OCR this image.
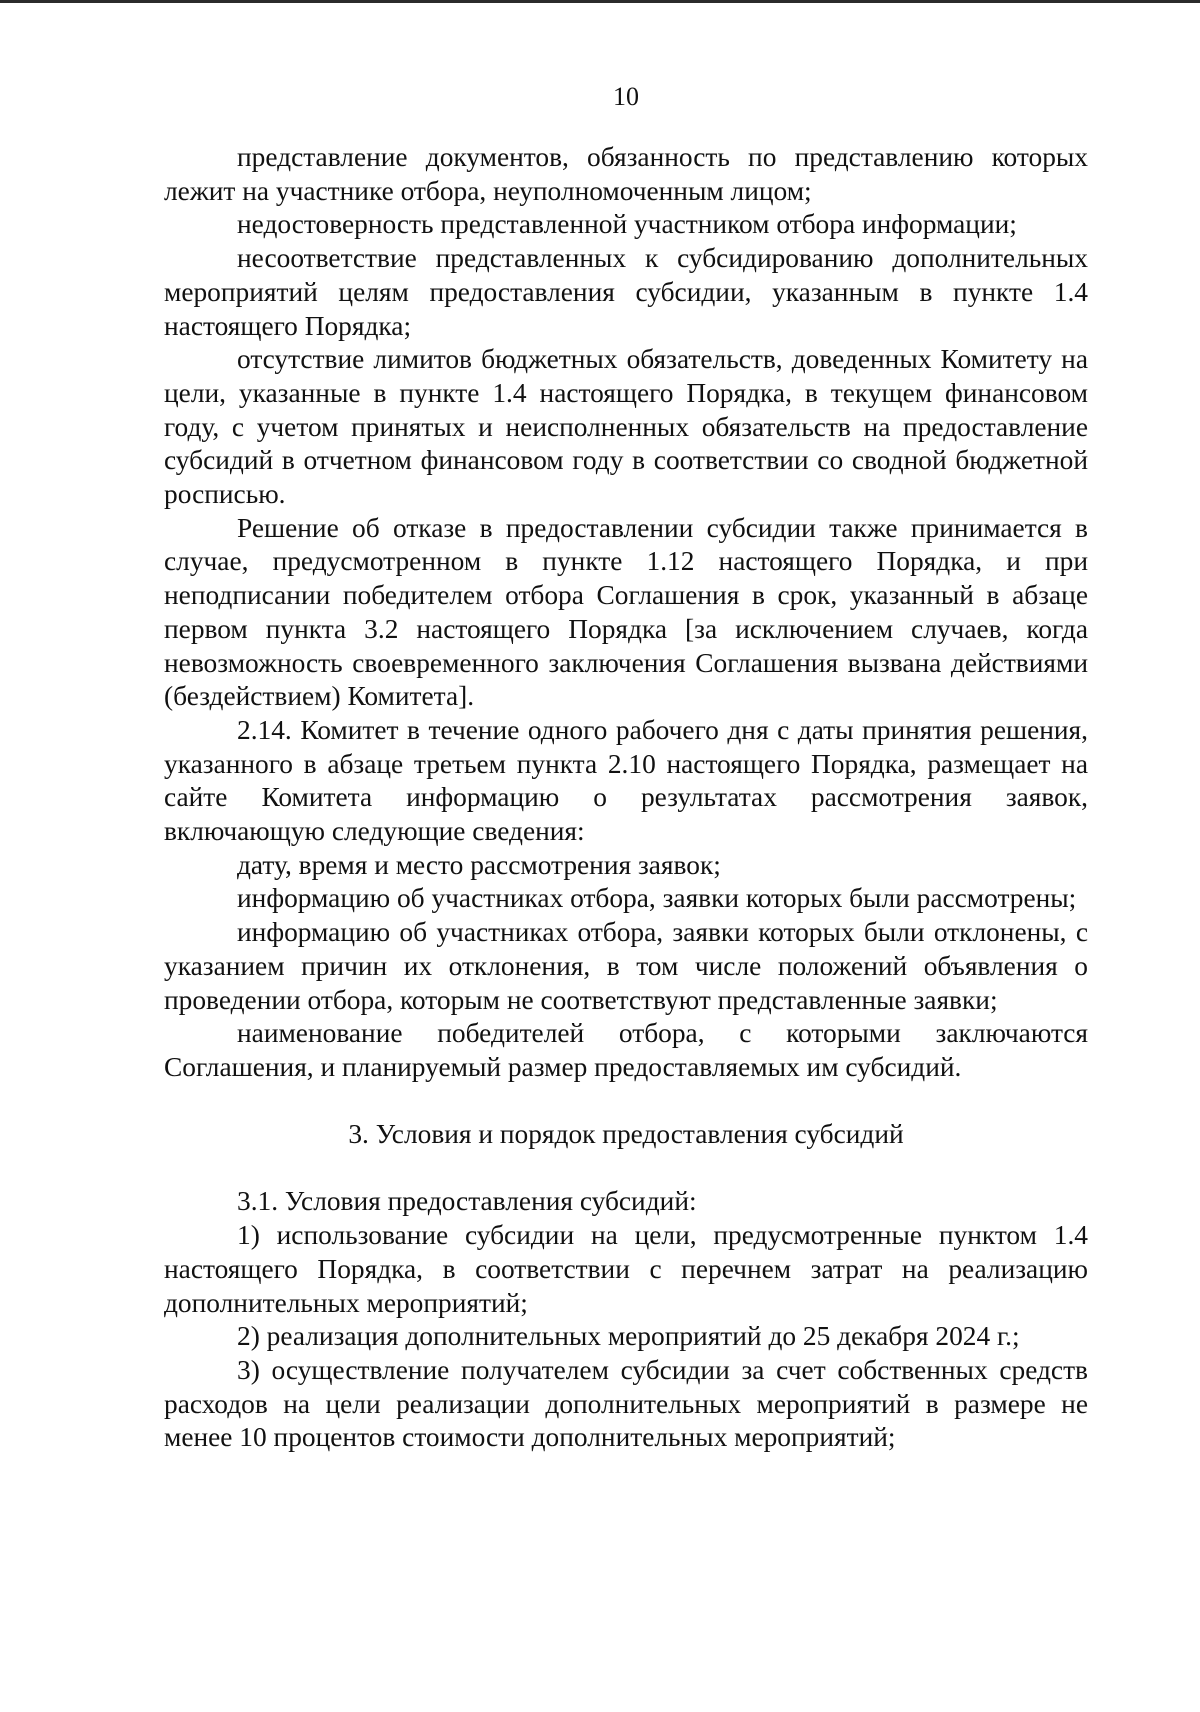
10

представление документов, обязанность по представлению которых лежит на участнике отбора, неуполномоченным лицом;

недостоверность представленной участником отбора информации;

несоответствие представленных к субсидированию дополнительных мероприятий целям предоставления субсидии, указанным в пункте 1.4 настоящего Порядка;

отсутствие лимитов бюджетных обязательств, доведенных Комитету на цели, указанные в пункте 1.4 настоящего Порядка, в текущем финансовом году, с учетом принятых и неисполненных обязательств на предоставление субсидий в отчетном финансовом году в соответствии со сводной бюджетной росписью.

Решение об отказе в предоставлении субсидии также принимается в случае, предусмотренном в пункте 1.12 настоящего Порядка, и при неподписании победителем отбора Соглашения в срок, указанный в абзаце первом пункта 3.2 настоящего Порядка [за исключением случаев, когда невозможность своевременного заключения Соглашения вызвана действиями (бездействием) Комитета].

2.14. Комитет в течение одного рабочего дня с даты принятия решения, указанного в абзаце третьем пункта 2.10 настоящего Порядка, размещает на сайте Комитета информацию о результатах рассмотрения заявок, включающую следующие сведения:

дату, время и место рассмотрения заявок;

информацию об участниках отбора, заявки которых были рассмотрены;

информацию об участниках отбора, заявки которых были отклонены, с указанием причин их отклонения, в том числе положений объявления о проведении отбора, которым не соответствуют представленные заявки;

наименование победителей отбора, с которыми заключаются Соглашения, и планируемый размер предоставляемых им субсидий.

3. Условия и порядок предоставления субсидий

3.1. Условия предоставления субсидий:

1) использование субсидии на цели, предусмотренные пунктом 1.4 настоящего Порядка, в соответствии с перечнем затрат на реализацию дополнительных мероприятий;

2) реализация дополнительных мероприятий до 25 декабря 2024 г.;

3) осуществление получателем субсидии за счет собственных средств расходов на цели реализации дополнительных мероприятий в размере не менее 10 процентов стоимости дополнительных мероприятий;
